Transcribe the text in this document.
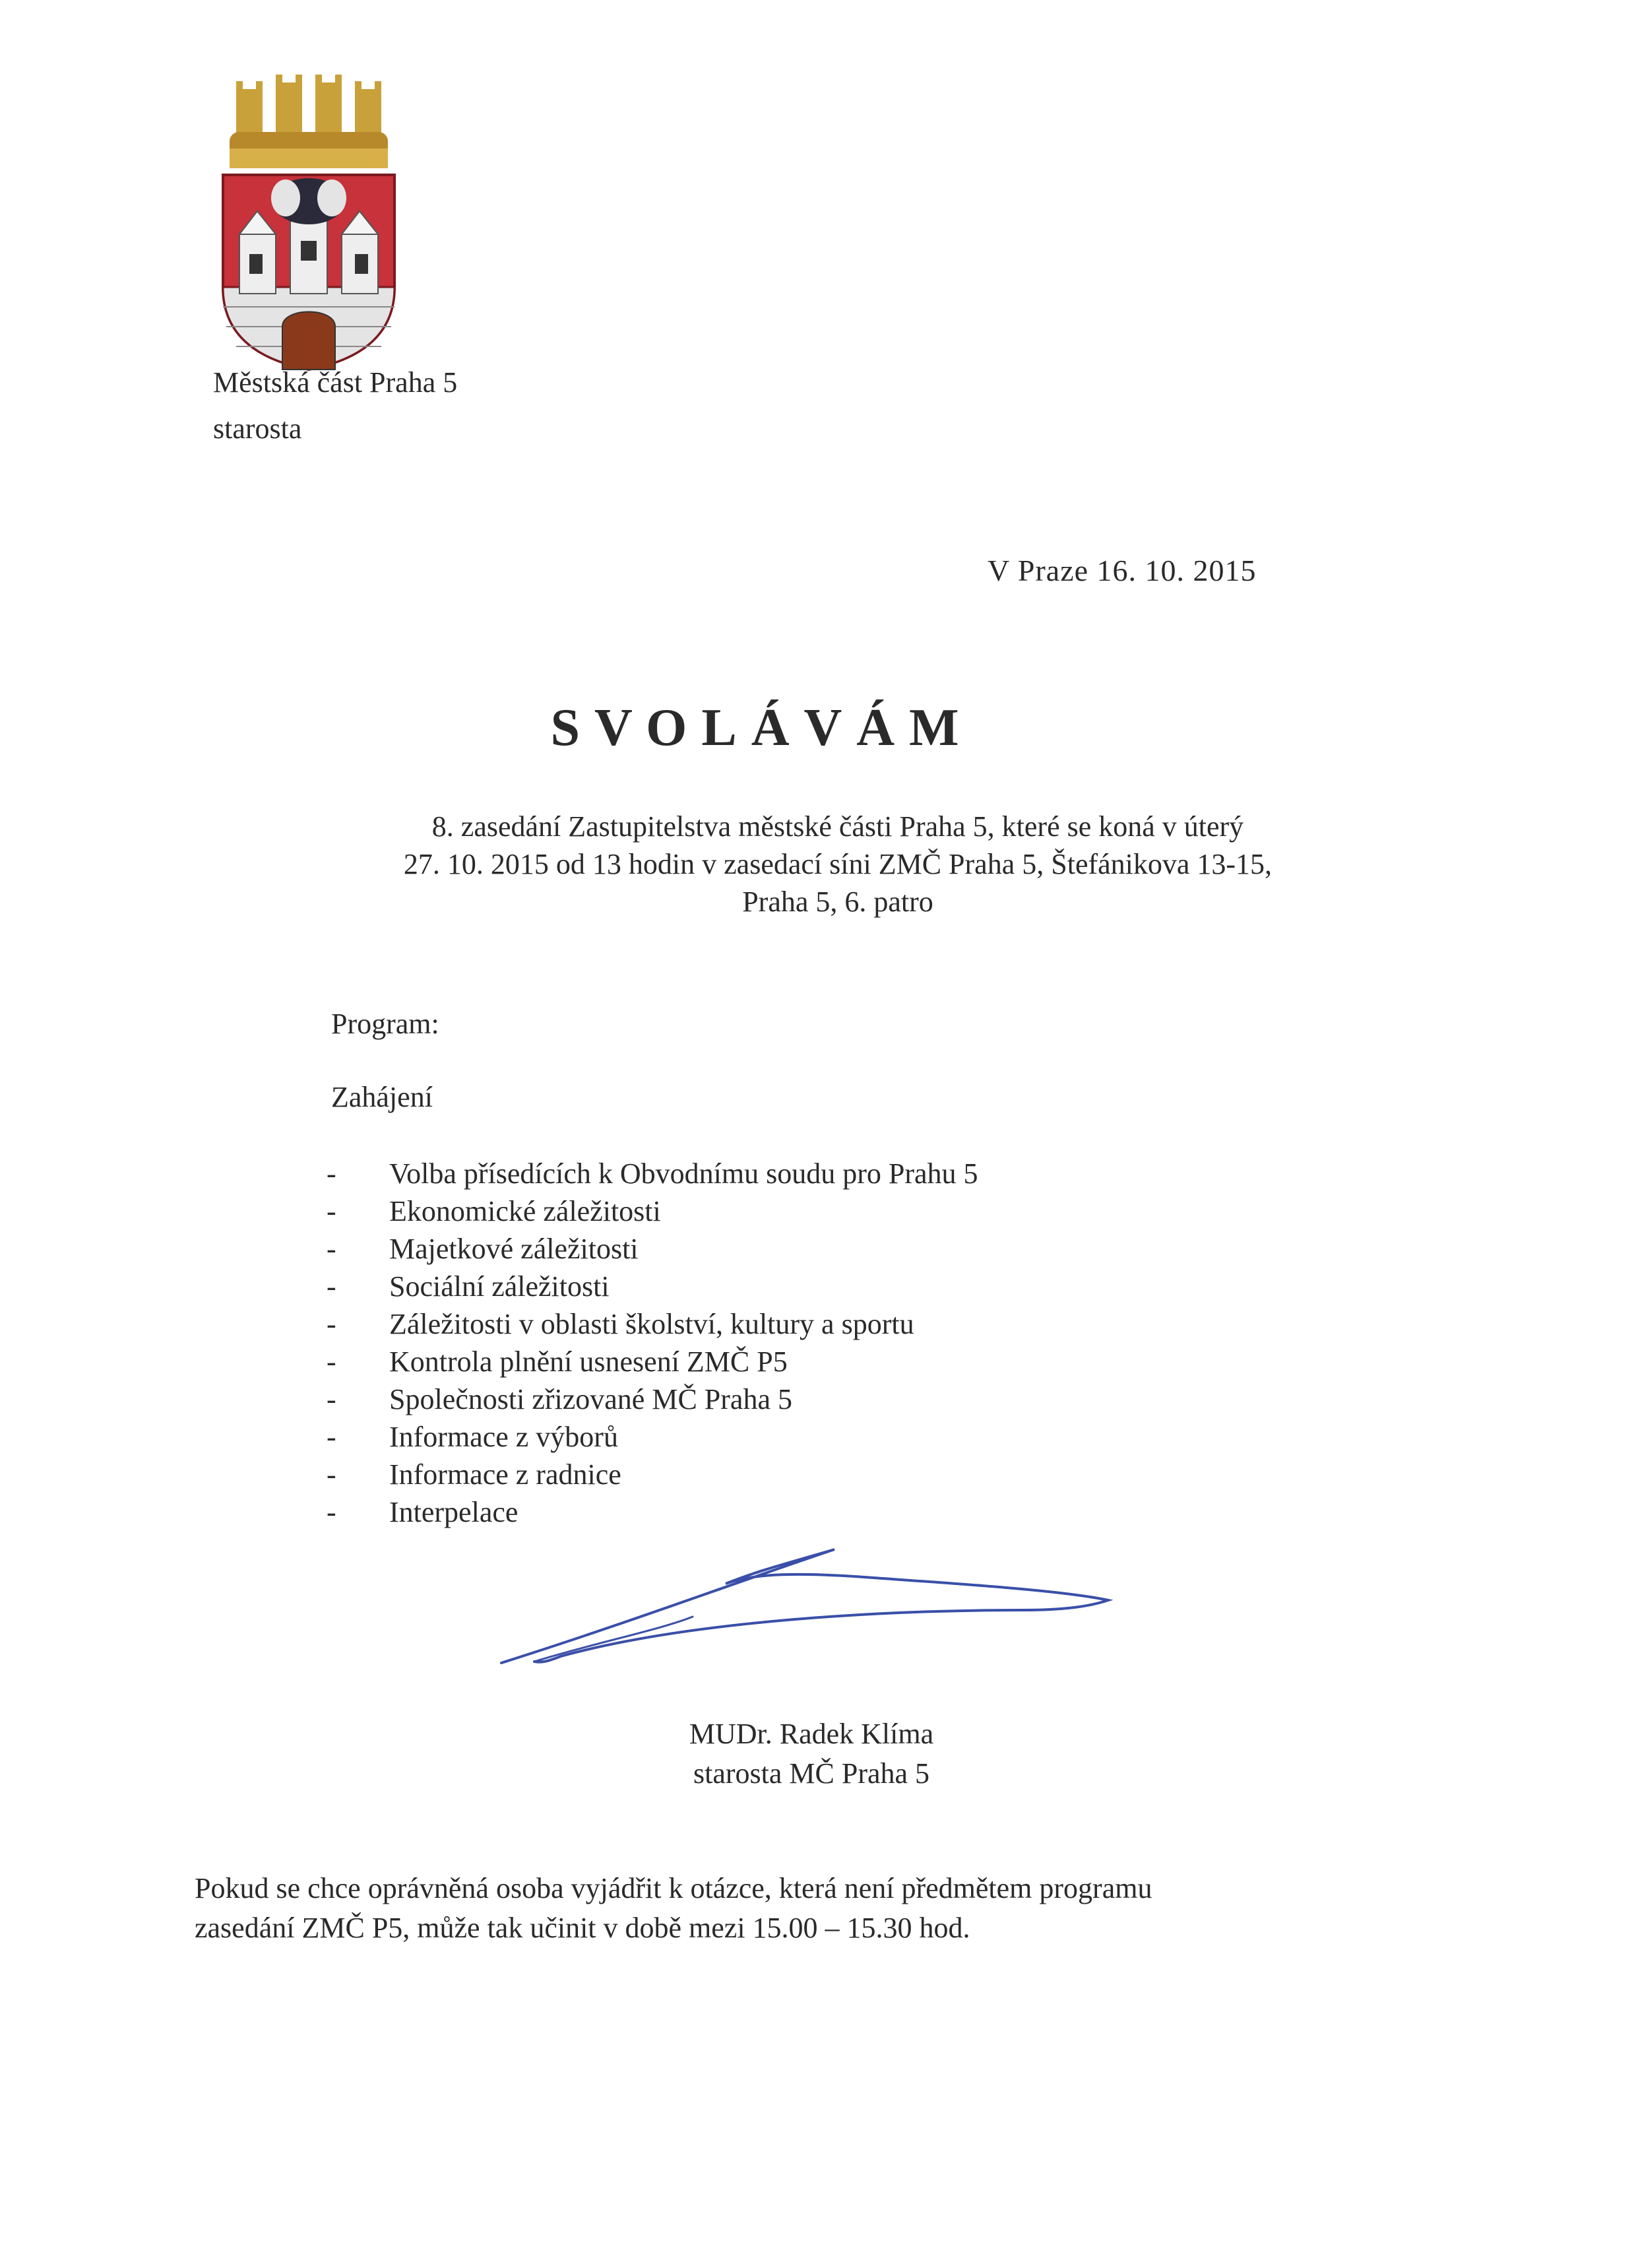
Městská část Praha 5
starosta
V Praze 16. 10. 2015
SVOLÁVÁM
8. zasedání Zastupitelstva městské části Praha 5, které se koná v úterý
27. 10. 2015 od 13 hodin v zasedací síni ZMČ Praha 5, Štefánikova 13-15,
Praha 5, 6. patro
Program:
Zahájení
- Volba přísedících k Obvodnímu soudu pro Prahu 5
- Ekonomické záležitosti
- Majetkové záležitosti
- Sociální záležitosti
- Záležitosti v oblasti školství, kultury a sportu
- Kontrola plnění usnesení ZMČ P5
- Společnosti zřizované MČ Praha 5
- Informace z výborů
- Informace z radnice
- Interpelace
MUDr. Radek Klíma
starosta MČ Praha 5
Pokud se chce oprávněná osoba vyjádřit k otázce, která není předmětem programu
zasedání ZMČ P5, může tak učinit v době mezi 15.00 – 15.30 hod.
